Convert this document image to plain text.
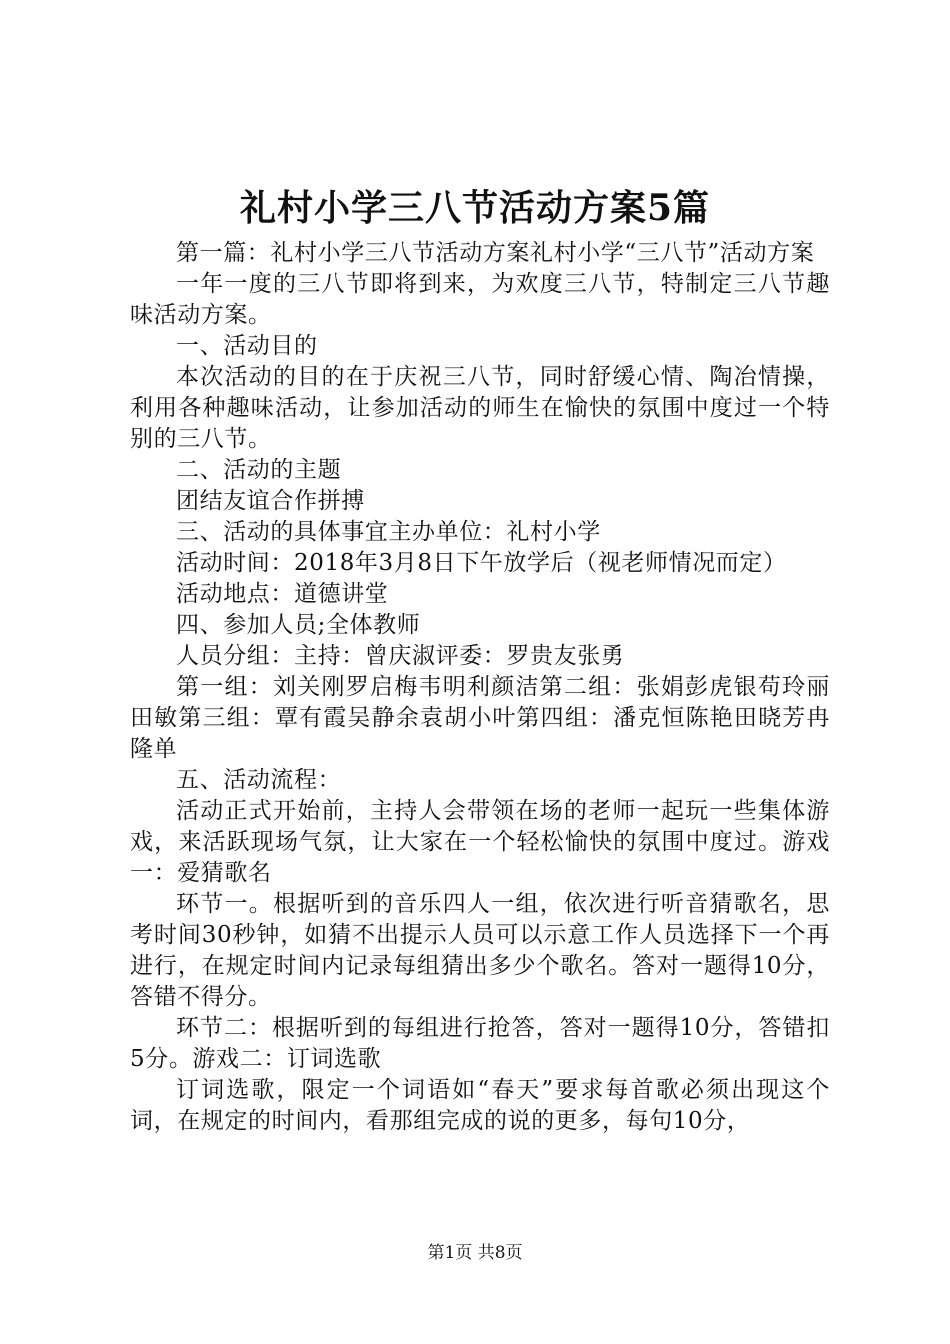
礼村小学三八节活动方案5篇

第一篇：礼村小学三八节活动方案礼村小学“三八节”活动方案

一年一度的三八节即将到来，为欢度三八节，特制定三八节趣味活动方案。

一、活动目的

本次活动的目的在于庆祝三八节，同时舒缓心情、陶冶情操，利用各种趣味活动，让参加活动的师生在愉快的氛围中度过一个特别的三八节。

二、活动的主题

团结友谊合作拼搏

三、活动的具体事宜主办单位：礼村小学

活动时间：2018年3月8日下午放学后（视老师情况而定）

活动地点：道德讲堂

四、参加人员;全体教师

人员分组：主持：曾庆淑评委：罗贵友张勇

第一组：刘关刚罗启梅韦明利颜洁第二组：张娟彭虎银苟玲丽田敏第三组：覃有霞吴静余袁胡小叶第四组：潘克恒陈艳田晓芳冉隆单

五、活动流程：

活动正式开始前，主持人会带领在场的老师一起玩一些集体游戏，来活跃现场气氛，让大家在一个轻松愉快的氛围中度过。游戏一：爱猜歌名

环节一。根据听到的音乐四人一组，依次进行听音猜歌名，思考时间30秒钟，如猜不出提示人员可以示意工作人员选择下一个再进行，在规定时间内记录每组猜出多少个歌名。答对一题得10分，答错不得分。

环节二：根据听到的每组进行抢答，答对一题得10分，答错扣5分。游戏二：订词选歌

订词选歌，限定一个词语如“春天”要求每首歌必须出现这个词，在规定的时间内，看那组完成的说的更多，每句10分，

第1页 共8页
